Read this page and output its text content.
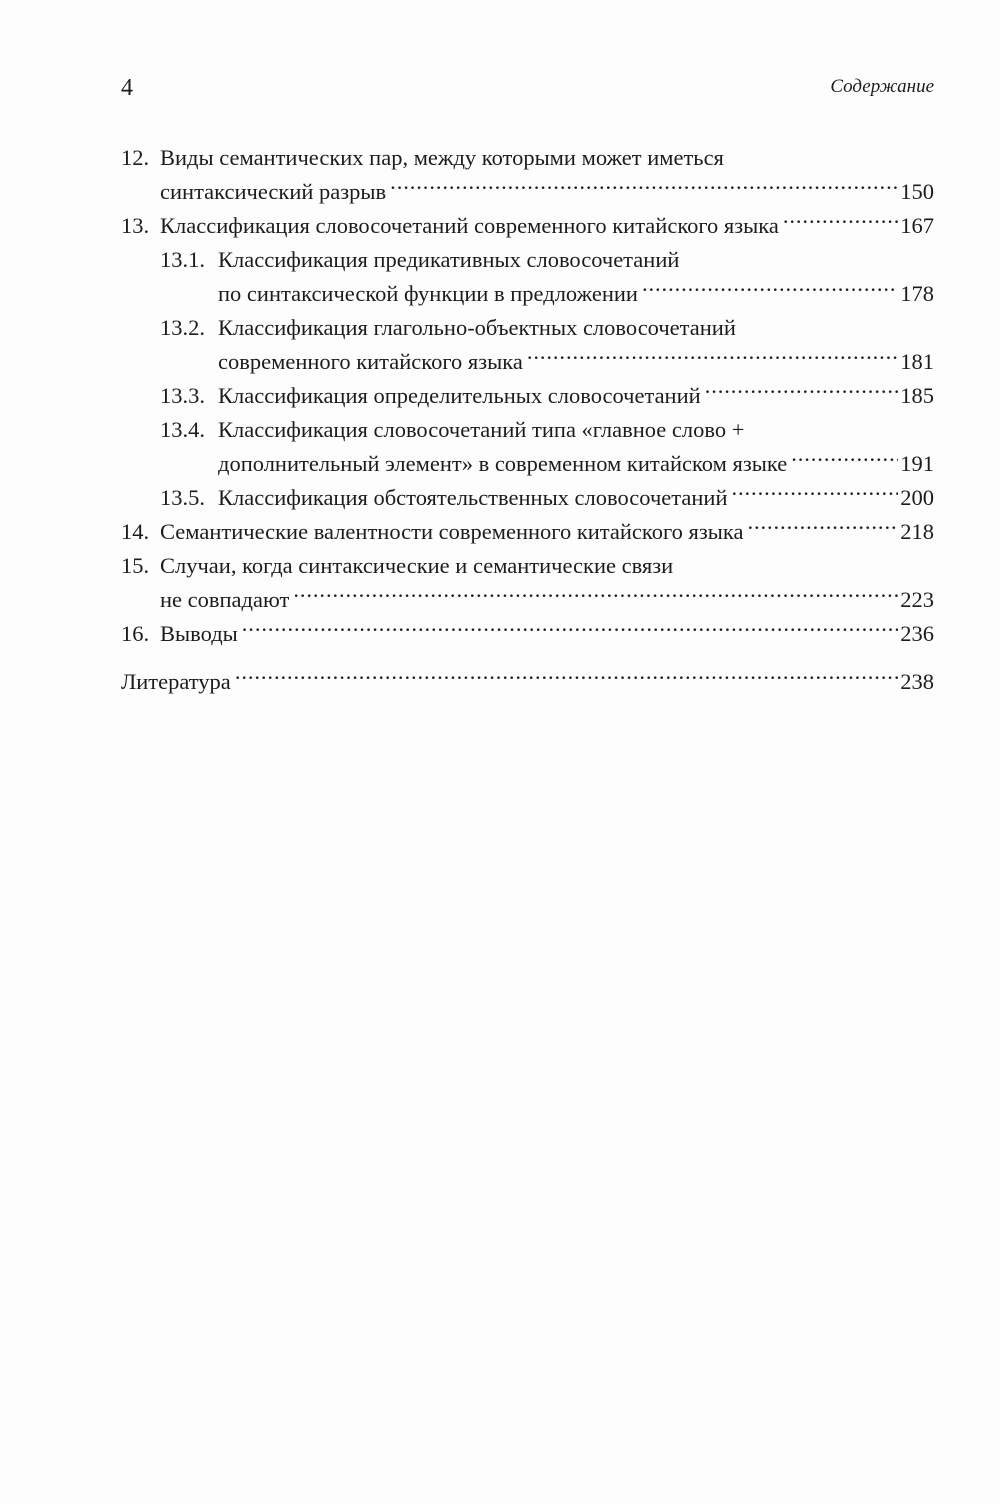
4	Содержание
12. Виды семантических пар, между которыми может иметься
синтаксический разрыв .....	150
13. Классификация словосочетаний современного китайского языка .....	167
13.1. Классификация предикативных словосочетаний
по синтаксической функции в предложении .....	178
13.2. Классификация глагольно-объектных словосочетаний
современного китайского языка .....	181
13.3. Классификация определительных словосочетаний .....	185
13.4. Классификация словосочетаний типа «главное слово +
дополнительный элемент» в современном китайском языке .....	191
13.5. Классификация обстоятельственных словосочетаний .....	200
14. Семантические валентности современного китайского языка .....	218
15. Случаи, когда синтаксические и семантические связи
не совпадают .....	223
16. Выводы .....	236
Литература .....	238
